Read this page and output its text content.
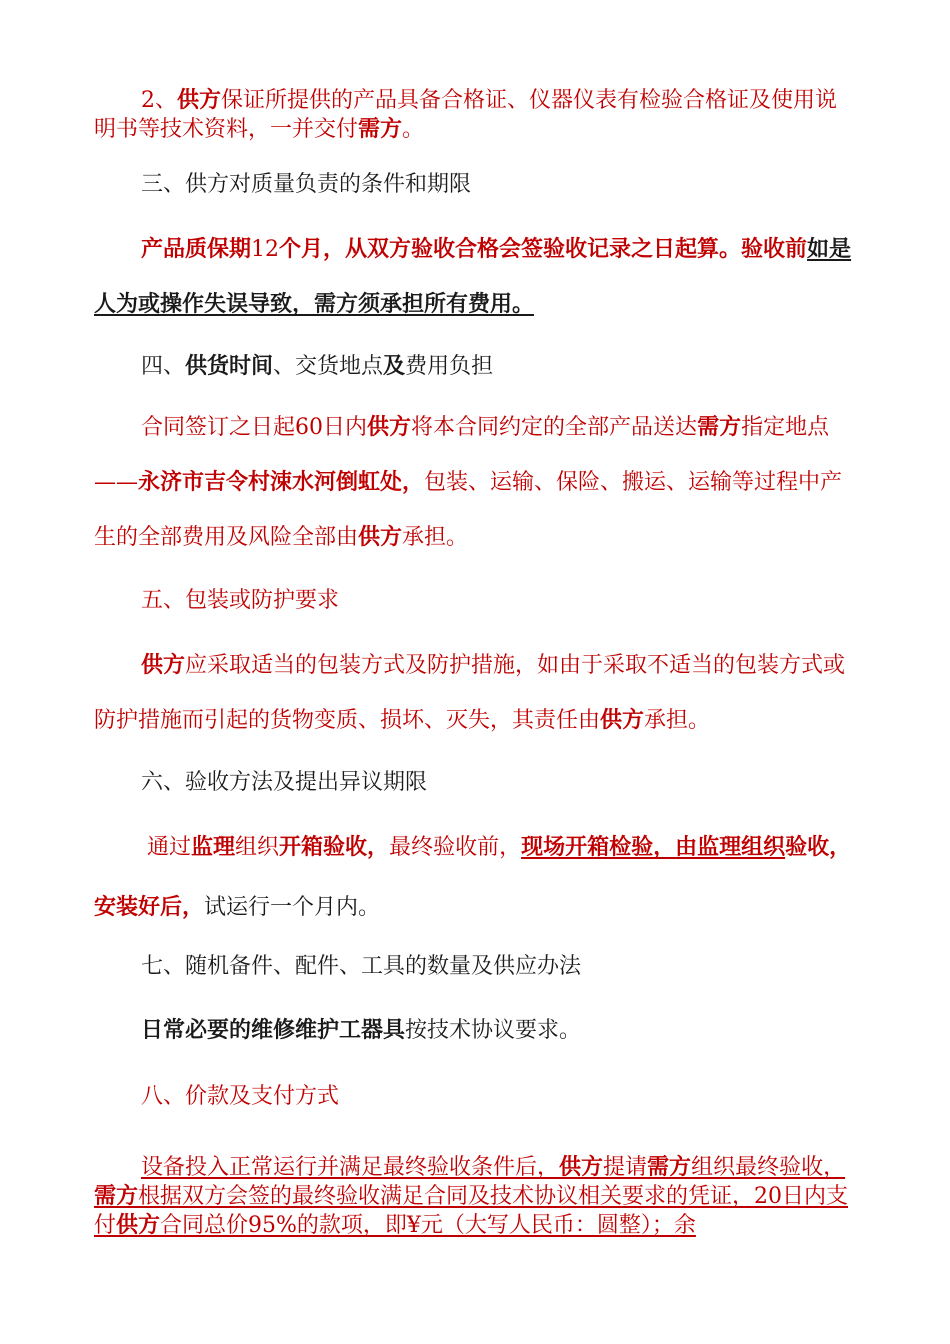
2、供方保证所提供的产品具备合格证、仪器仪表有检验合格证及使用说明书等技术资料，一并交付需方。
三、供方对质量负责的条件和期限
产品质保期12个月，从双方验收合格会签验收记录之日起算。验收前如是人为或操作失误导致，需方须承担所有费用。
四、供货时间、交货地点及费用负担
合同签订之日起60日内供方将本合同约定的全部产品送达需方指定地点——永济市吉令村涑水河倒虹处，包装、运输、保险、搬运、运输等过程中产生的全部费用及风险全部由供方承担。
五、包装或防护要求
供方应采取适当的包装方式及防护措施，如由于采取不适当的包装方式或防护措施而引起的货物变质、损坏、灭失，其责任由供方承担。
六、验收方法及提出异议期限
通过监理组织开箱验收，最终验收前，现场开箱检验，由监理组织验收，安装好后，试运行一个月内。
七、随机备件、配件、工具的数量及供应办法
日常必要的维修维护工器具按技术协议要求。
八、价款及支付方式
设备投入正常运行并满足最终验收条件后，供方提请需方组织最终验收，需方根据双方会签的最终验收满足合同及技术协议相关要求的凭证，20日内支付供方合同总价95%的款项，即¥元（大写人民币：圆整）；余
